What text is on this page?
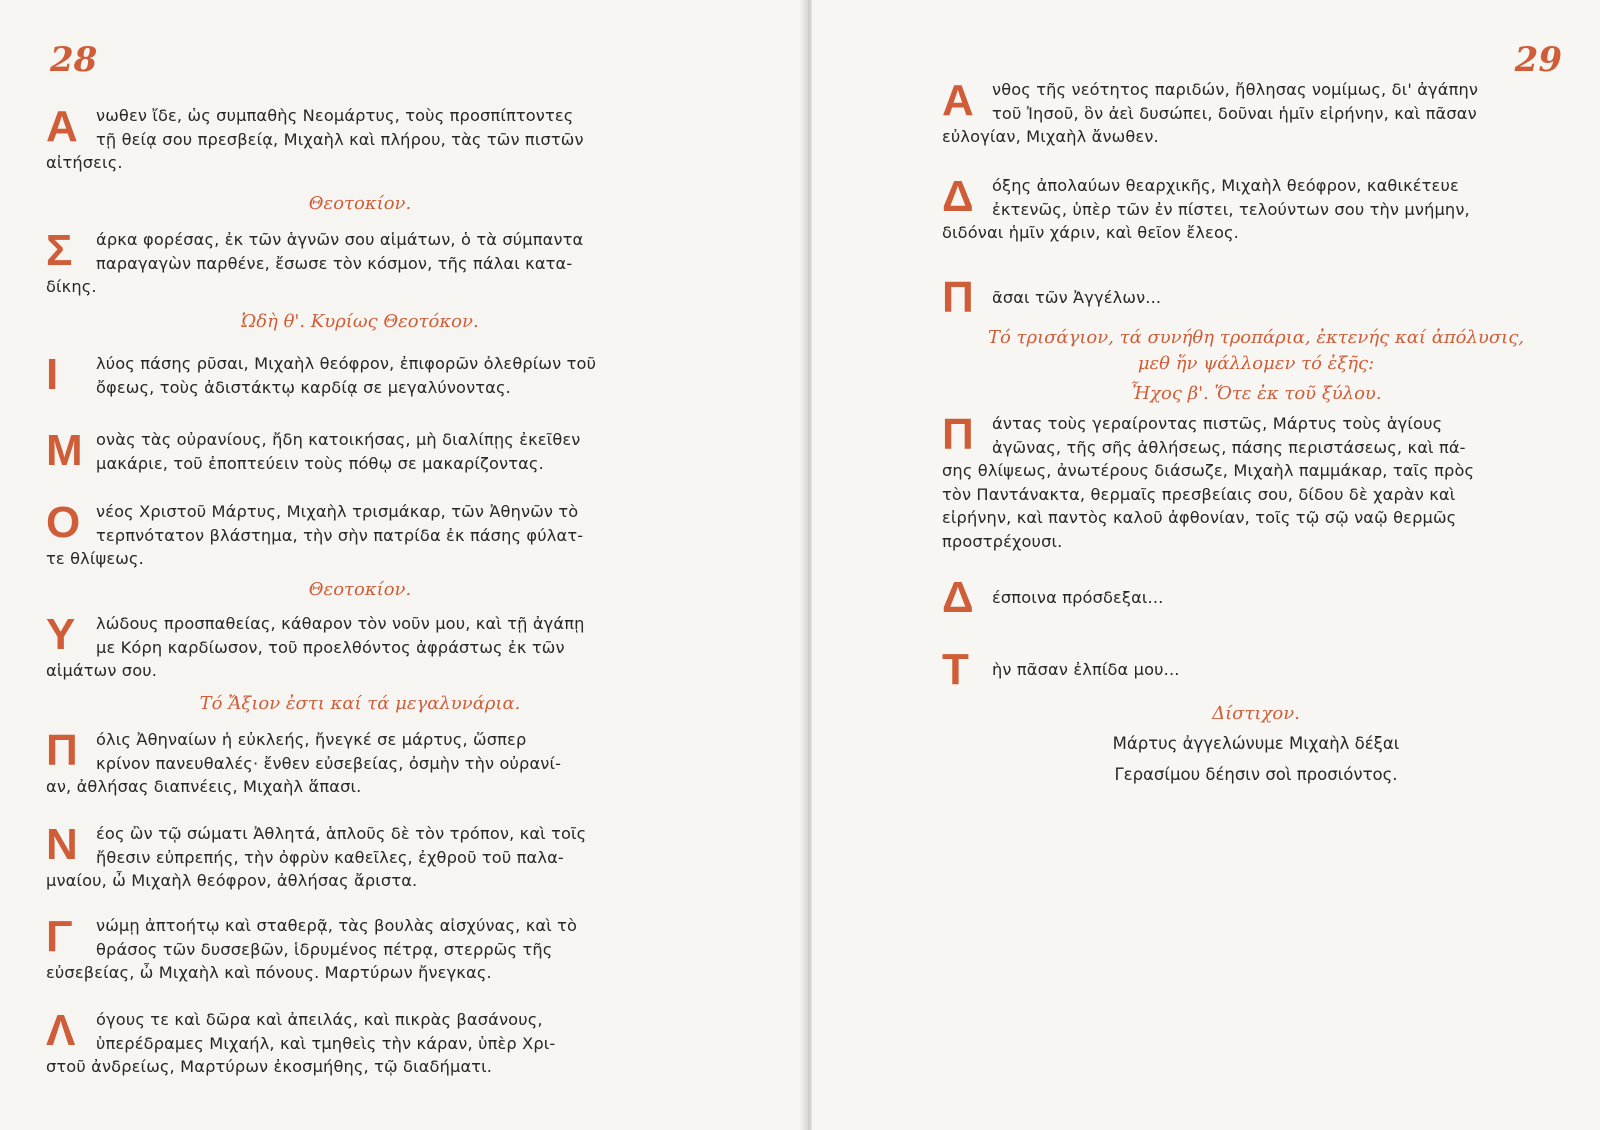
28
Α	νωθεν ἴδε, ὡς συμπαθὴς Νεομάρτυς, τοὺς προσπίπτοντες
τῇ θείᾳ σου πρεσβείᾳ, Μιχαὴλ καὶ πλήρου, τὰς τῶν πιστῶν
αἰτήσεις.
Θεοτοκίον.
Σ	άρκα φορέσας, ἐκ τῶν ἁγνῶν σου αἱμάτων, ὁ τὰ σύμπαντα
παραγαγὼν παρθένε, ἔσωσε τὸν κόσμον, τῆς πάλαι κατα-
δίκης.
Ὠδὴ θ'. Κυρίως Θεοτόκον.
Ι	λύος πάσης ρῦσαι, Μιχαὴλ θεόφρον, ἐπιφορῶν ὀλεθρίων τοῦ
ὄφεως, τοὺς ἀδιστάκτῳ καρδίᾳ σε μεγαλύνοντας.
Μ ονὰς τὰς οὐρανίους, ἤδη κατοικήσας, μὴ διαλίπῃς ἐκεῖθεν
μακάριε, τοῦ ἐποπτεύειν τοὺς πόθῳ σε μακαρίζοντας.
Ο νέος Χριστοῦ Μάρτυς, Μιχαὴλ τρισμάκαρ, τῶν Ἀθηνῶν τὸ
τερπνότατον βλάστημα, τὴν σὴν πατρίδα ἐκ πάσης φύλατ-
τε θλίψεως.
Θεοτοκίον.
Υ	λώδους προσπαθείας, κάθαρον τὸν νοῦν μου, καὶ τῇ ἀγάπῃ
με Κόρη καρδίωσον, τοῦ προελθόντος ἀφράστως ἐκ τῶν
αἱμάτων σου.
Τό Ἄξιον ἐστι καί τά μεγαλυνάρια.
Π	όλις Ἀθηναίων ἡ εὐκλεής, ἤνεγκέ σε μάρτυς, ὥσπερ
κρίνον πανευθαλές· ἔνθεν εὐσεβείας, ὀσμὴν τὴν οὐρανί-
αν, ἀθλήσας διαπνέεις, Μιχαὴλ ἅπασι.
Ν	έος ὢν τῷ σώματι Ἀθλητά, ἁπλοῦς δὲ τὸν τρόπον, καὶ τοῖς
ἤθεσιν εὐπρεπής, τὴν ὀφρὺν καθεῖλες, ἐχθροῦ τοῦ παλα-
μναίου, ὦ Μιχαὴλ θεόφρον, ἀθλήσας ἄριστα.
Γ	νώμῃ ἀπτοήτῳ καὶ σταθερᾷ, τὰς βουλὰς αἰσχύνας, καὶ τὸ
θράσος τῶν δυσσεβῶν, ἱδρυμένος πέτρᾳ, στερρῶς τῆς
εὐσεβείας, ὦ Μιχαὴλ καὶ πόνους. Μαρτύρων ἤνεγκας.
Λ	όγους τε καὶ δῶρα καὶ ἀπειλάς, καὶ πικρὰς βασάνους,
ὑπερέδραμες Μιχαήλ, καὶ τμηθεὶς τὴν κάραν, ὑπὲρ Χρι-
στοῦ ἀνδρείως, Μαρτύρων ἐκοσμήθης, τῷ διαδήματι.
29
Α	νθος τῆς νεότητος παριδών, ἤθλησας νομίμως, δι' ἀγάπην
τοῦ Ἰησοῦ, ὃν ἀεὶ δυσώπει, δοῦναι ἡμῖν εἰρήνην, καὶ πᾶσαν
εὐλογίαν, Μιχαὴλ ἄνωθεν.
Δ	όξης ἀπολαύων θεαρχικῆς, Μιχαὴλ θεόφρον, καθικέτευε
ἐκτενῶς, ὑπὲρ τῶν ἐν πίστει, τελούντων σου τὴν μνήμην,
διδόναι ἡμῖν χάριν, καὶ θεῖον ἔλεος.
Π	ᾶσαι τῶν Ἀγγέλων...
Τό τρισάγιον, τά συνήθη τροπάρια, ἐκτενής καί ἀπόλυσις,
μεθ ἥν ψάλλομεν τό ἑξῆς:
Ἦχος β'. Ὅτε ἐκ τοῦ ξύλου.
Π	άντας τοὺς γεραίροντας πιστῶς, Μάρτυς τοὺς ἁγίους
ἀγῶνας, τῆς σῆς ἀθλήσεως, πάσης περιστάσεως, καὶ πά-
σης θλίψεως, ἀνωτέρους διάσωζε, Μιχαὴλ παμμάκαρ, ταῖς πρὸς
τὸν Παντάνακτα, θερμαῖς πρεσβείαις σου, δίδου δὲ χαρὰν καὶ
εἰρήνην, καὶ παντὸς καλοῦ ἀφθονίαν, τοῖς τῷ σῷ ναῷ θερμῶς
προστρέχουσι.
Δ	έσποινα πρόσδεξαι...
Τ	ὴν πᾶσαν ἐλπίδα μου...
Δίστιχον.
Μάρτυς ἀγγελώνυμε Μιχαὴλ δέξαι
Γερασίμου δέησιν σοὶ προσιόντος.
